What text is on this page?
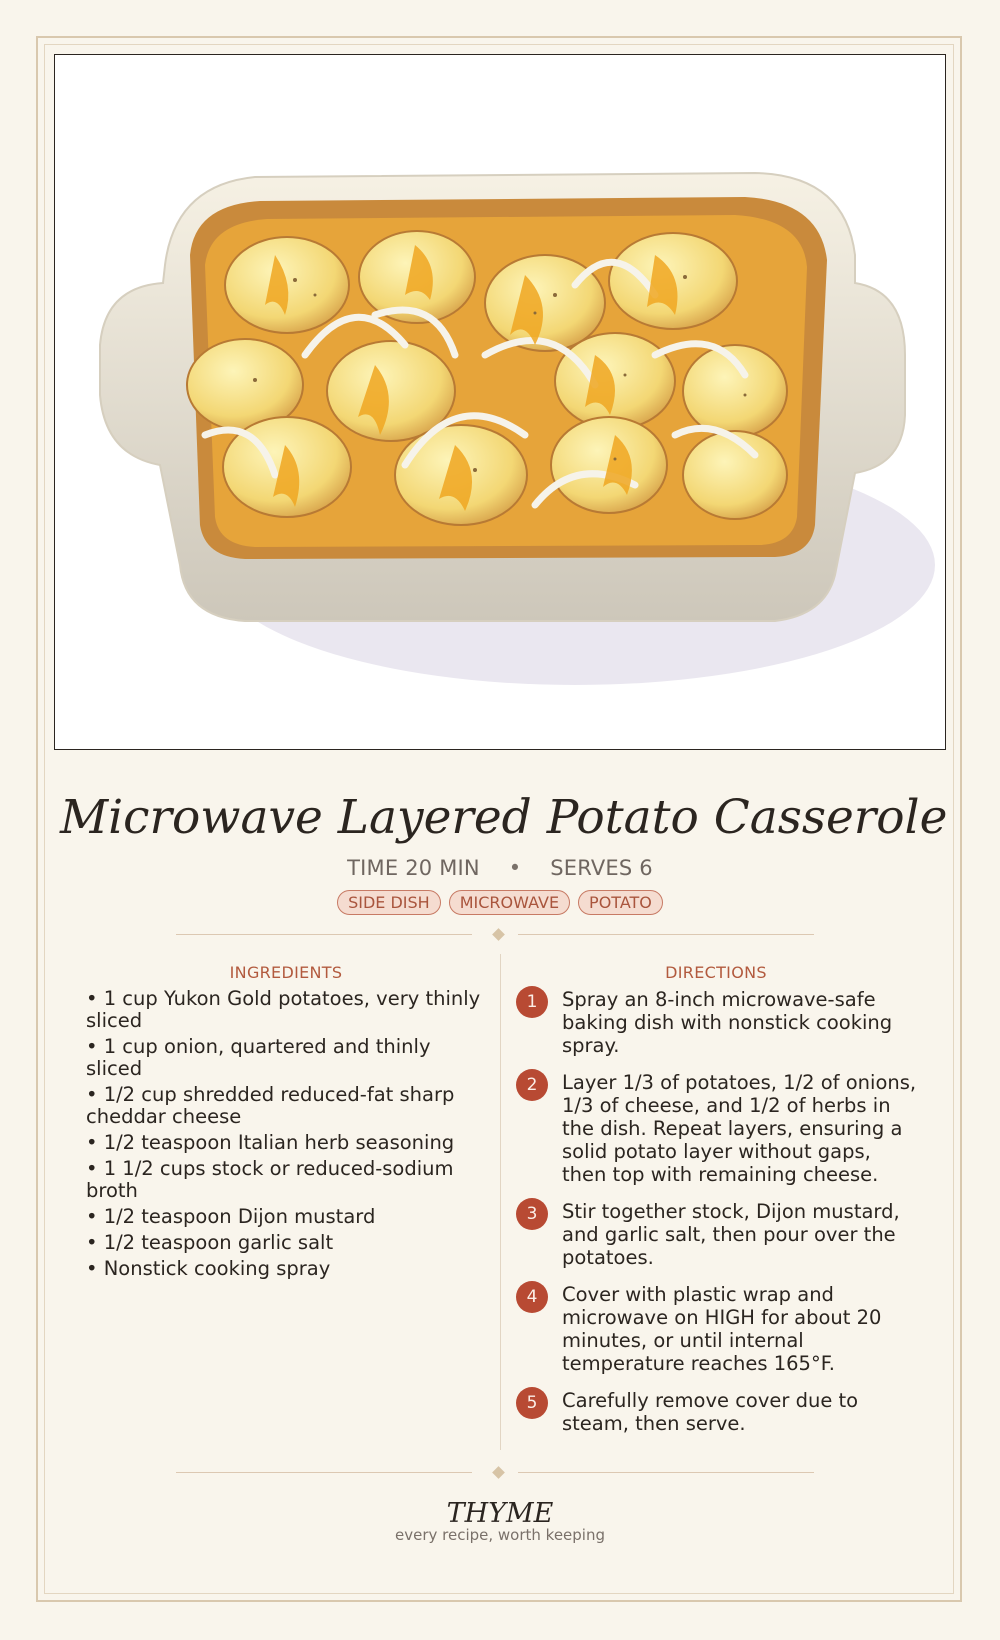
Microwave Layered Potato Casserole
TIME 20 MIN • SERVES 6
SIDE DISH	MICROWAVE	POTATO
INGREDIENTS	DIRECTIONS
• 1 cup Yukon Gold potatoes, very thinly sliced
• 1 cup onion, quartered and thinly sliced
• 1/2 cup shredded reduced-fat sharp cheddar cheese
• 1/2 teaspoon Italian herb seasoning
• 1 1/2 cups stock or reduced-sodium broth
• 1/2 teaspoon Dijon mustard
• 1/2 teaspoon garlic salt
• Nonstick cooking spray
1	Spray an 8-inch microwave-safe baking dish with nonstick cooking spray.
2	Layer 1/3 of potatoes, 1/2 of onions, 1/3 of cheese, and 1/2 of herbs in the dish. Repeat layers, ensuring a solid potato layer without gaps, then top with remaining cheese.
3	Stir together stock, Dijon mustard, and garlic salt, then pour over the potatoes.
4	Cover with plastic wrap and microwave on HIGH for about 20 minutes, or until internal temperature reaches 165°F.
5	Carefully remove cover due to steam, then serve.
THYME
every recipe, worth keeping
